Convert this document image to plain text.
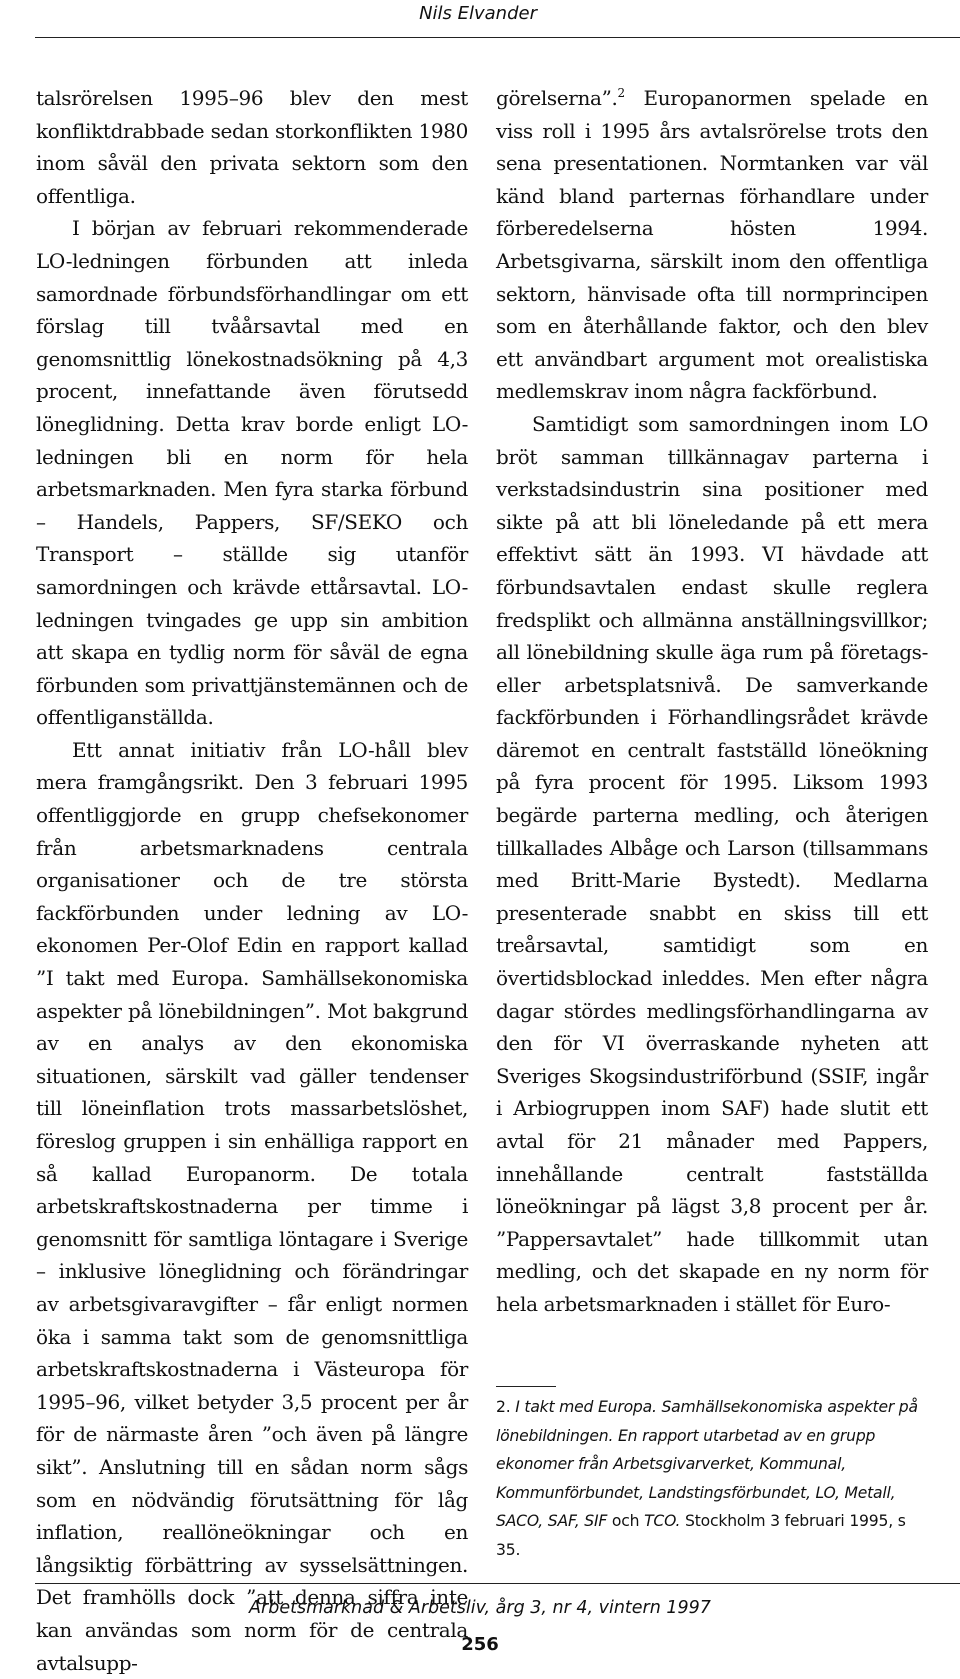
Nils Elvander

talsrörelsen 1995–96 blev den mest konfliktdrabbade sedan storkonflikten 1980 inom såväl den privata sektorn som den offentliga.

I början av februari rekommenderade LO-ledningen förbunden att inleda samordnade förbundsförhandlingar om ett förslag till tvåårsavtal med en genomsnittlig lönekostnadsökning på 4,3 procent, innefattande även förutsedd löneglidning. Detta krav borde enligt LO-ledningen bli en norm för hela arbetsmarknaden. Men fyra starka förbund – Handels, Pappers, SF/SEKO och Transport – ställde sig utanför samordningen och krävde ettårsavtal. LO-ledningen tvingades ge upp sin ambition att skapa en tydlig norm för såväl de egna förbunden som privattjänstemännen och de offentliganställda.

Ett annat initiativ från LO-håll blev mera framgångsrikt. Den 3 februari 1995 offentliggjorde en grupp chefsekonomer från arbetsmarknadens centrala organisationer och de tre största fackförbunden under ledning av LO-ekonomen Per-Olof Edin en rapport kallad ”I takt med Europa. Samhällsekonomiska aspekter på lönebildningen”. Mot bakgrund av en analys av den ekonomiska situationen, särskilt vad gäller tendenser till löneinflation trots massarbetslöshet, föreslog gruppen i sin enhälliga rapport en så kallad Europanorm. De totala arbetskraftskostnaderna per timme i genomsnitt för samtliga löntagare i Sverige – inklusive löneglidning och förändringar av arbetsgivaravgifter – får enligt normen öka i samma takt som de genomsnittliga arbetskraftskostnaderna i Västeuropa för 1995–96, vilket betyder 3,5 procent per år för de närmaste åren ”och även på längre sikt”. Anslutning till en sådan norm sågs som en nödvändig förutsättning för låg inflation, reallöneökningar och en långsiktig förbättring av sysselsättningen. Det framhölls dock ”att denna siffra inte kan användas som norm för de centrala avtalsupp-

görelserna”.$^2$ Europanormen spelade en viss roll i 1995 års avtalsrörelse trots den sena presentationen. Normtanken var väl känd bland parternas förhandlare under förberedelserna hösten 1994. Arbetsgivarna, särskilt inom den offentliga sektorn, hänvisade ofta till normprincipen som en återhållande faktor, och den blev ett användbart argument mot orealistiska medlemskrav inom några fackförbund.

Samtidigt som samordningen inom LO bröt samman tillkännagav parterna i verkstadsindustrin sina positioner med sikte på att bli löneledande på ett mera effektivt sätt än 1993. VI hävdade att förbundsavtalen endast skulle reglera fredsplikt och allmänna anställningsvillkor; all lönebildning skulle äga rum på företags- eller arbetsplatsnivå. De samverkande fackförbunden i Förhandlingsrådet krävde däremot en centralt fastställd löneökning på fyra procent för 1995. Liksom 1993 begärde parterna medling, och återigen tillkallades Albåge och Larson (tillsammans med Britt-Marie Bystedt). Medlarna presenterade snabbt en skiss till ett treårsavtal, samtidigt som en övertidsblockad inleddes. Men efter några dagar stördes medlingsförhandlingarna av den för VI överraskande nyheten att Sveriges Skogsindustriförbund (SSIF, ingår i Arbiogruppen inom SAF) hade slutit ett avtal för 21 månader med Pappers, innehållande centralt fastställda löneökningar på lägst 3,8 procent per år. ”Pappersavtalet” hade tillkommit utan medling, och det skapade en ny norm för hela arbetsmarknaden i stället för Euro-

2. I takt med Europa. Samhällsekonomiska aspekter på lönebildningen. En rapport utarbetad av en grupp ekonomer från Arbetsgivarverket, Kommunal, Kommunförbundet, Landstingsförbundet, LO, Metall, SACO, SAF, SIF och TCO. Stockholm 3 februari 1995, s 35.
Arbetsmarknad & Arbetsliv, årg 3, nr 4, vintern 1997
256
